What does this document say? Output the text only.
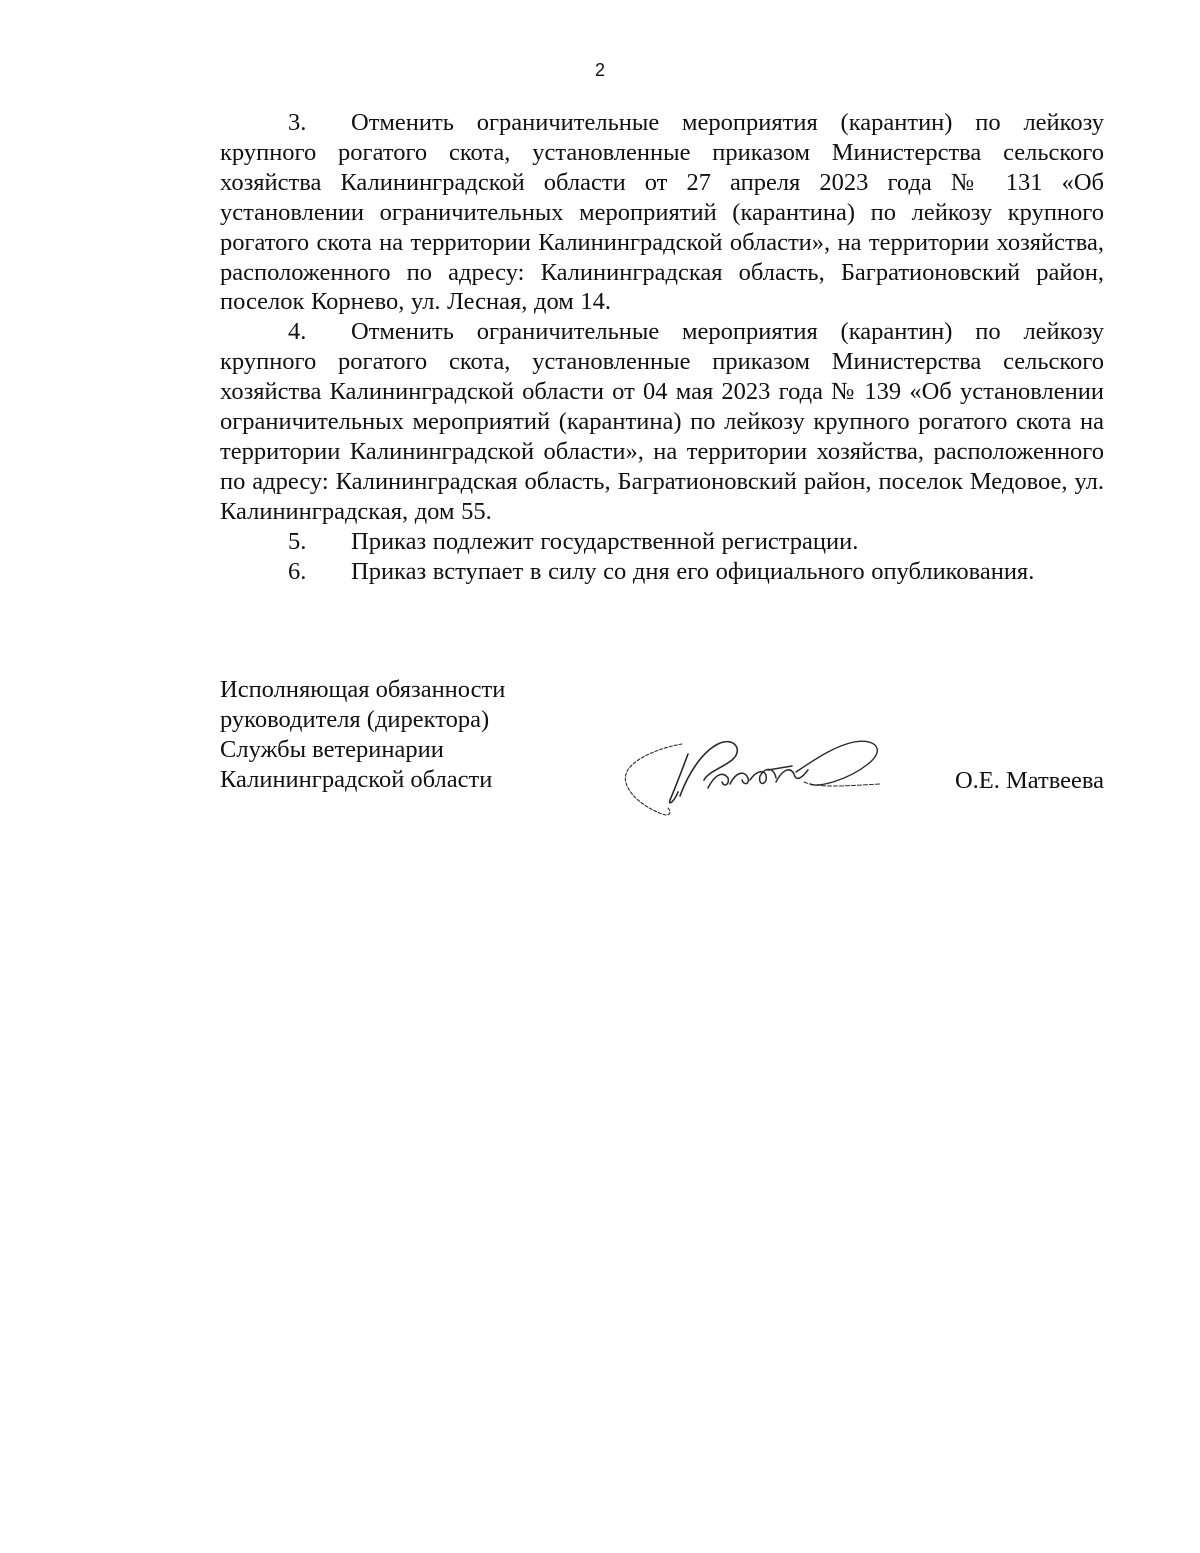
2

3. Отменить ограничительные мероприятия (карантин) по лейкозу крупного рогатого скота, установленные приказом Министерства сельского хозяйства Калининградской области от 27 апреля 2023 года № 131 «Об установлении ограничительных мероприятий (карантина) по лейкозу крупного рогатого скота на территории Калининградской области», на территории хозяйства, расположенного по адресу: Калининградская область, Багратионовский район, поселок Корнево, ул. Лесная, дом 14.

4. Отменить ограничительные мероприятия (карантин) по лейкозу крупного рогатого скота, установленные приказом Министерства сельского хозяйства Калининградской области от 04 мая 2023 года № 139 «Об установлении ограничительных мероприятий (карантина) по лейкозу крупного рогатого скота на территории Калининградской области», на территории хозяйства, расположенного по адресу: Калининградская область, Багратионовский район, поселок Медовое, ул. Калининградская, дом 55.

5. Приказ подлежит государственной регистрации.

6. Приказ вступает в силу со дня его официального опубликования.

Исполняющая обязанности
руководителя (директора)
Службы ветеринарии
Калининградской области	О.Е. Матвеева
